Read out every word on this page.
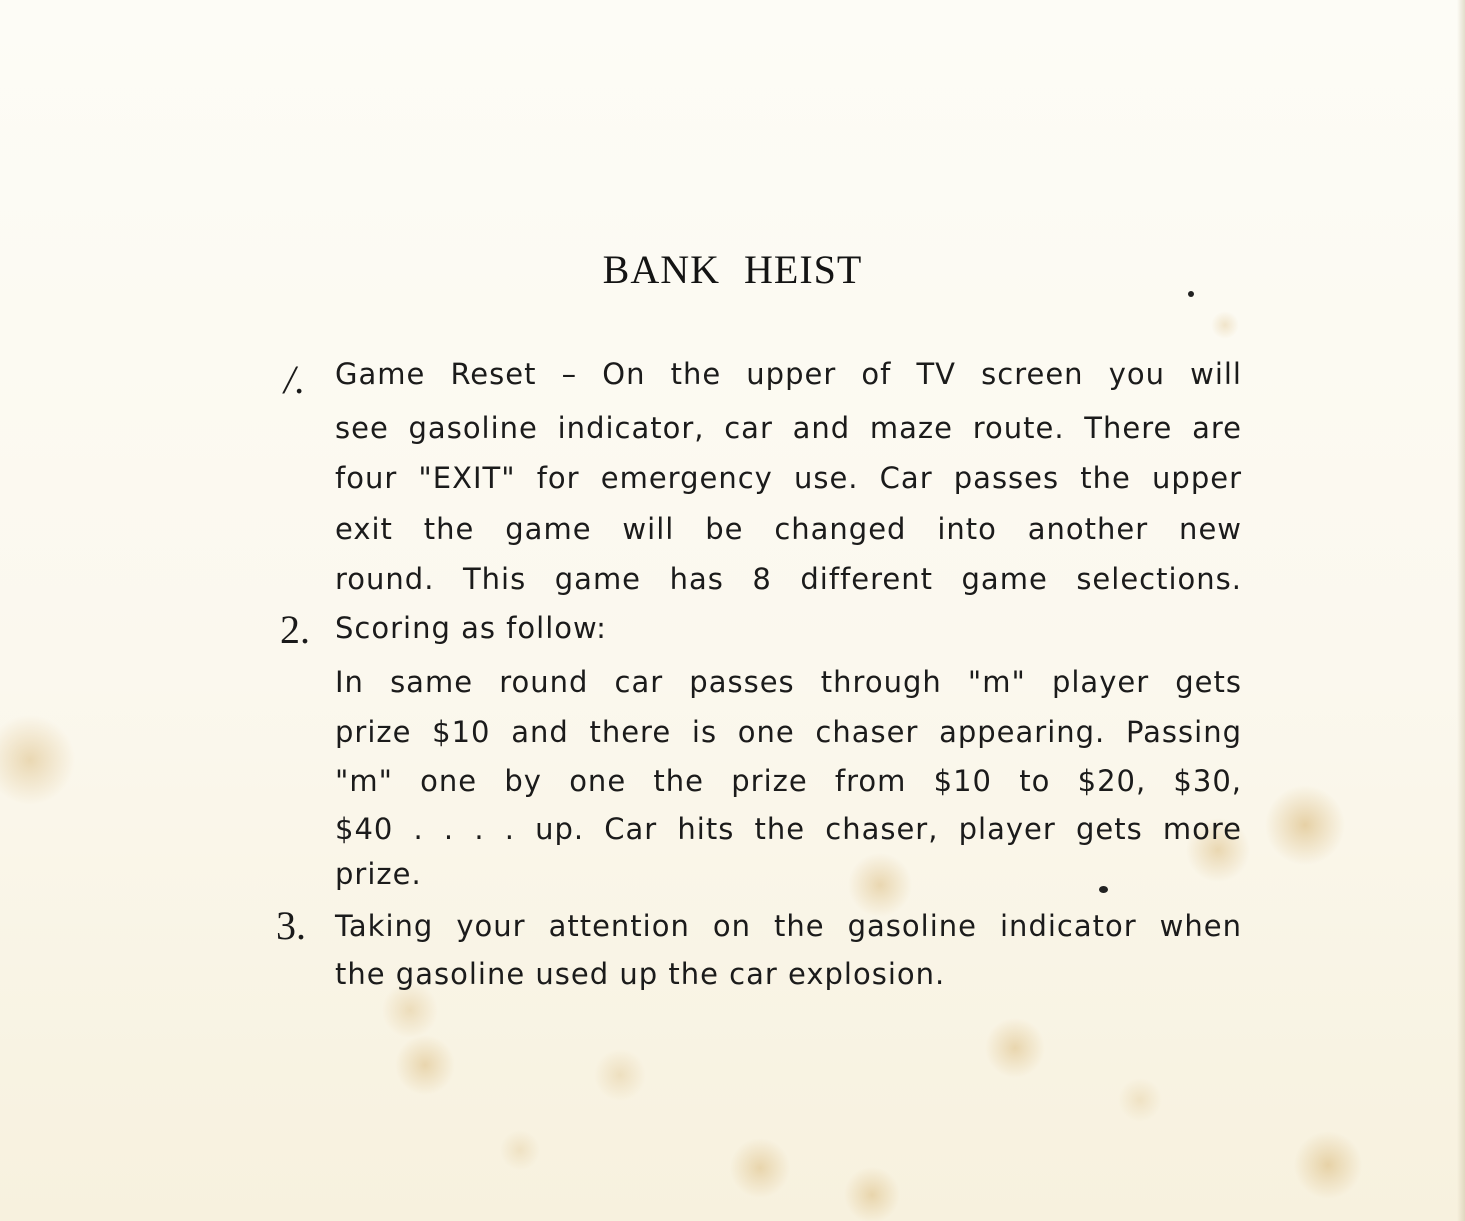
BANK HEIST
/. Game Reset – On the upper of TV screen you will
see gasoline indicator, car and maze route. There are
four "EXIT" for emergency use. Car passes the upper
exit the game will be changed into another new
round. This game has 8 different game selections.
2. Scoring as follow:
In same round car passes through "m" player gets
prize $10 and there is one chaser appearing. Passing
"m" one by one the prize from $10 to $20, $30,
$40 . . . . up. Car hits the chaser, player gets more
prize.
3. Taking your attention on the gasoline indicator when
the gasoline used up the car explosion.
